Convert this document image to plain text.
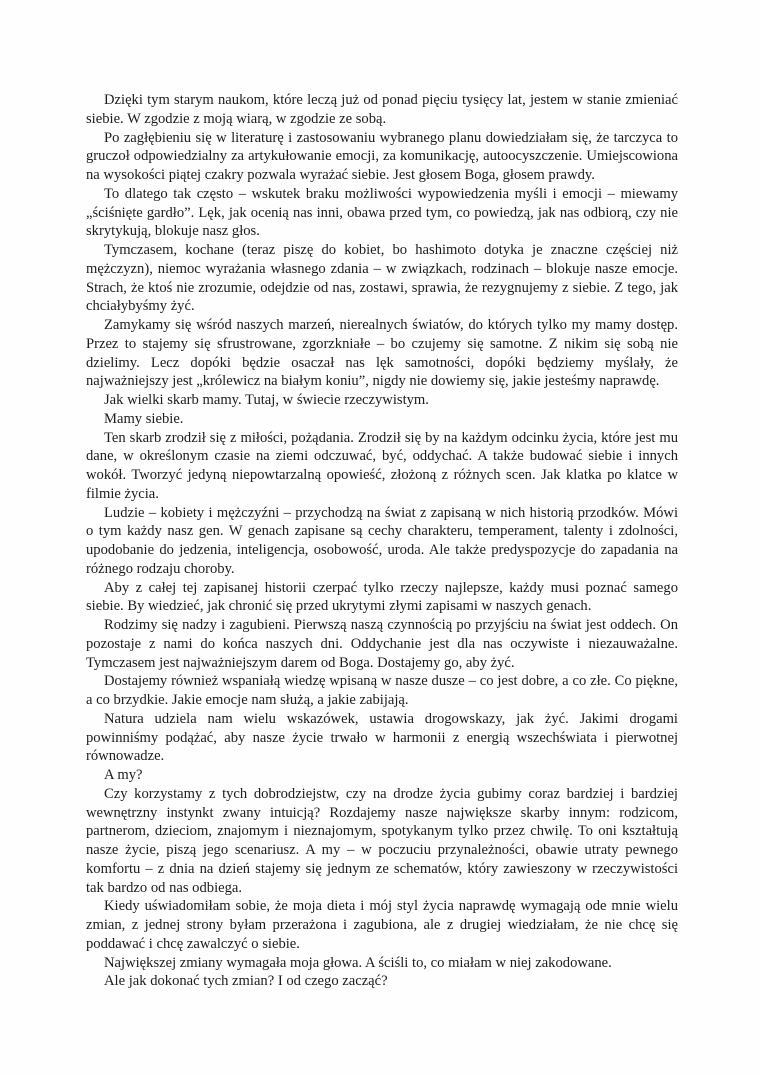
Dzięki tym starym naukom, które leczą już od ponad pięciu tysięcy lat, jestem w stanie zmieniać siebie. W zgodzie z moją wiarą, w zgodzie ze sobą.

Po zagłębieniu się w literaturę i zastosowaniu wybranego planu dowiedziałam się, że tarczyca to gruczoł odpowiedzialny za artykułowanie emocji, za komunikację, autoocyszczenie. Umiejscowiona na wysokości piątej czakry pozwala wyrażać siebie. Jest głosem Boga, głosem prawdy.

To dlatego tak często – wskutek braku możliwości wypowiedzenia myśli i emocji – miewamy „ściśnięte gardło”. Lęk, jak ocenią nas inni, obawa przed tym, co powiedzą, jak nas odbiorą, czy nie skrytykują, blokuje nasz głos.

Tymczasem, kochane (teraz piszę do kobiet, bo hashimoto dotyka je znaczne częściej niż mężczyzn), niemoc wyrażania własnego zdania – w związkach, rodzinach – blokuje nasze emocje. Strach, że ktoś nie zrozumie, odejdzie od nas, zostawi, sprawia, że rezygnujemy z siebie. Z tego, jak chciałybyśmy żyć.

Zamykamy się wśród naszych marzeń, nierealnych światów, do których tylko my mamy dostęp. Przez to stajemy się sfrustrowane, zgorzkniałe – bo czujemy się samotne. Z nikim się sobą nie dzielimy. Lecz dopóki będzie osaczał nas lęk samotności, dopóki będziemy myślały, że najważniejszy jest „królewicz na białym koniu”, nigdy nie dowiemy się, jakie jesteśmy naprawdę.

Jak wielki skarb mamy. Tutaj, w świecie rzeczywistym.

Mamy siebie.

Ten skarb zrodził się z miłości, pożądania. Zrodził się by na każdym odcinku życia, które jest mu dane, w określonym czasie na ziemi odczuwać, być, oddychać. A także budować siebie i innych wokół. Tworzyć jedyną niepowtarzalną opowieść, złożoną z różnych scen. Jak klatka po klatce w filmie życia.

Ludzie – kobiety i mężczyźni – przychodzą na świat z zapisaną w nich historią przodków. Mówi o tym każdy nasz gen. W genach zapisane są cechy charakteru, temperament, talenty i zdolności, upodobanie do jedzenia, inteligencja, osobowość, uroda. Ale także predyspozycje do zapadania na różnego rodzaju choroby.

Aby z całej tej zapisanej historii czerpać tylko rzeczy najlepsze, każdy musi poznać samego siebie. By wiedzieć, jak chronić się przed ukrytymi złymi zapisami w naszych genach.

Rodzimy się nadzy i zagubieni. Pierwszą naszą czynnością po przyjściu na świat jest oddech. On pozostaje z nami do końca naszych dni. Oddychanie jest dla nas oczywiste i niezauważalne. Tymczasem jest najważniejszym darem od Boga. Dostajemy go, aby żyć.

Dostajemy również wspaniałą wiedzę wpisaną w nasze dusze – co jest dobre, a co złe. Co piękne, a co brzydkie. Jakie emocje nam służą, a jakie zabijają.

Natura udziela nam wielu wskazówek, ustawia drogowskazy, jak żyć. Jakimi drogami powinniśmy podążać, aby nasze życie trwało w harmonii z energią wszechświata i pierwotnej równowadze.

A my?

Czy korzystamy z tych dobrodziejstw, czy na drodze życia gubimy coraz bardziej i bardziej wewnętrzny instynkt zwany intuicją? Rozdajemy nasze największe skarby innym: rodzicom, partnerom, dzieciom, znajomym i nieznajomym, spotykanym tylko przez chwilę. To oni kształtują nasze życie, piszą jego scenariusz. A my – w poczuciu przynależności, obawie utraty pewnego komfortu – z dnia na dzień stajemy się jednym ze schematów, który zawieszony w rzeczywistości tak bardzo od nas odbiega.

Kiedy uświadomiłam sobie, że moja dieta i mój styl życia naprawdę wymagają ode mnie wielu zmian, z jednej strony byłam przerażona i zagubiona, ale z drugiej wiedziałam, że nie chcę się poddawać i chcę zawalczyć o siebie.

Największej zmiany wymagała moja głowa. A ściśli to, co miałam w niej zakodowane.

Ale jak dokonać tych zmian? I od czego zacząć?
